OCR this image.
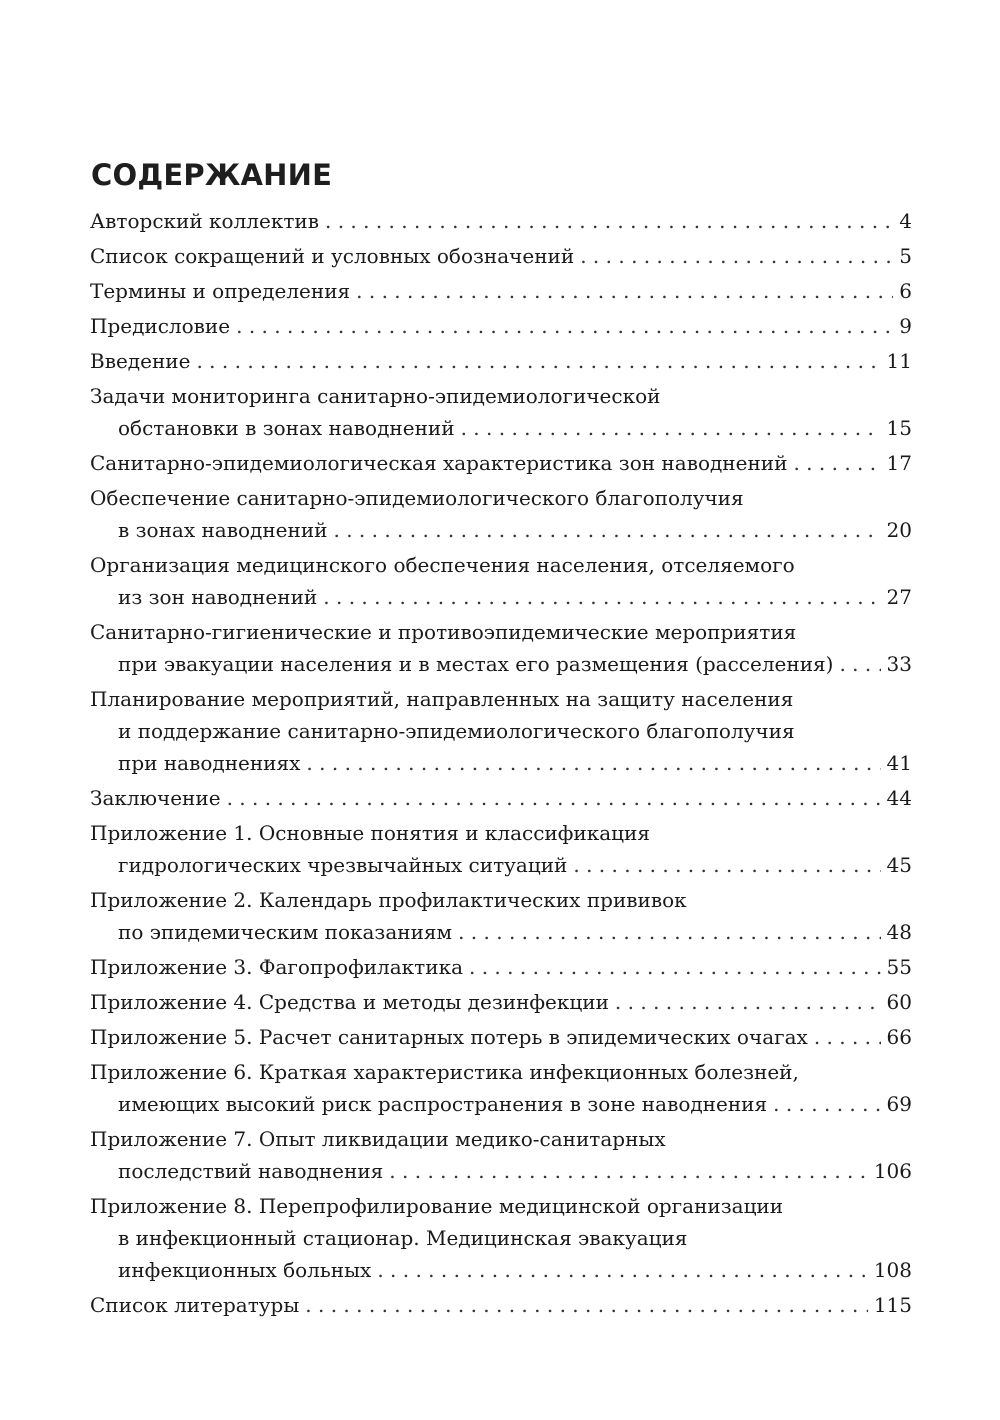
СОДЕРЖАНИЕ
Авторский коллектив . . .	4
Список сокращений и условных обозначений . . .	5
Термины и определения . . .	6
Предисловие . . .	9
Введение . . .	11
Задачи мониторинга санитарно-эпидемиологической
обстановки в зонах наводнений . . .	15
Санитарно-эпидемиологическая характеристика зон наводнений . . .	17
Обеспечение санитарно-эпидемиологического благополучия
в зонах наводнений . . .	20
Организация медицинского обеспечения населения, отселяемого
из зон наводнений . . .	27
Санитарно-гигиенические и противоэпидемические мероприятия
при эвакуации населения и в местах его размещения (расселения) . . .	33
Планирование мероприятий, направленных на защиту населения
и поддержание санитарно-эпидемиологического благополучия
при наводнениях . . .	41
Заключение . . .	44
Приложение 1. Основные понятия и классификация
гидрологических чрезвычайных ситуаций . . .	45
Приложение 2. Календарь профилактических прививок
по эпидемическим показаниям . . .	48
Приложение 3. Фагопрофилактика . . .	55
Приложение 4. Средства и методы дезинфекции . . .	60
Приложение 5. Расчет санитарных потерь в эпидемических очагах . . .	66
Приложение 6. Краткая характеристика инфекционных болезней,
имеющих высокий риск распространения в зоне наводнения . . .	69
Приложение 7. Опыт ликвидации медико-санитарных
последствий наводнения . . .	106
Приложение 8. Перепрофилирование медицинской организации
в инфекционный стационар. Медицинская эвакуация
инфекционных больных . . .	108
Список литературы . . .	115
